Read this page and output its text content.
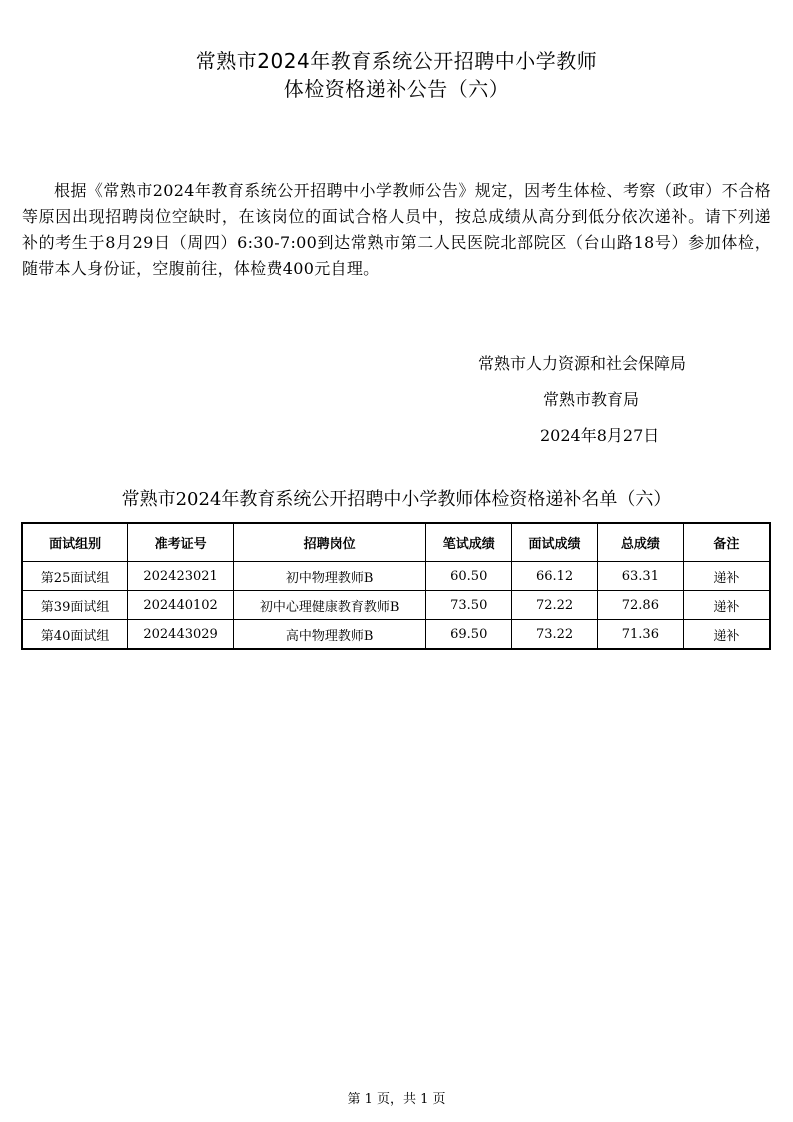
常熟市2024年教育系统公开招聘中小学教师
体检资格递补公告（六）

根据《常熟市2024年教育系统公开招聘中小学教师公告》规定，因考生体检、考察（政审）不合格等原因出现招聘岗位空缺时，在该岗位的面试合格人员中，按总成绩从高分到低分依次递补。请下列递补的考生于8月29日（周四）6:30-7:00到达常熟市第二人民医院北部院区（台山路18号）参加体检，随带本人身份证，空腹前往，体检费400元自理。

常熟市人力资源和社会保障局
常熟市教育局
2024年8月27日
常熟市2024年教育系统公开招聘中小学教师体检资格递补名单（六）
面试组别	准考证号	招聘岗位	笔试成绩	面试成绩	总成绩	备注
第25面试组	202423021	初中物理教师B	60.50	66.12	63.31	递补
第39面试组	202440102	初中心理健康教育教师B	73.50	72.22	72.86	递补
第40面试组	202443029	高中物理教师B	69.50	73.22	71.36	递补
第 1 页，共 1 页
